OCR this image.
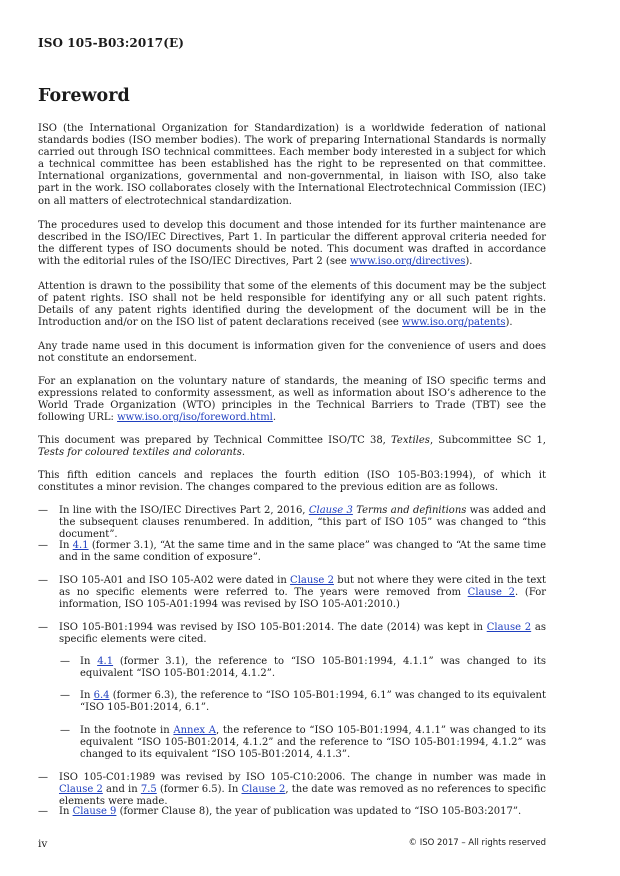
ISO 105-B03:2017(E)
Foreword
ISO (the International Organization for Standardization) is a worldwide federation of national standards bodies (ISO member bodies). The work of preparing International Standards is normally carried out through ISO technical committees. Each member body interested in a subject for which a technical committee has been established has the right to be represented on that committee. International organizations, governmental and non-governmental, in liaison with ISO, also take part in the work. ISO collaborates closely with the International Electrotechnical Commission (IEC) on all matters of electrotechnical standardization.
The procedures used to develop this document and those intended for its further maintenance are described in the ISO/IEC Directives, Part 1. In particular the different approval criteria needed for the different types of ISO documents should be noted. This document was drafted in accordance with the editorial rules of the ISO/IEC Directives, Part 2 (see www.iso.org/directives).
Attention is drawn to the possibility that some of the elements of this document may be the subject of patent rights. ISO shall not be held responsible for identifying any or all such patent rights. Details of any patent rights identified during the development of the document will be in the Introduction and/or on the ISO list of patent declarations received (see www.iso.org/patents).
Any trade name used in this document is information given for the convenience of users and does not constitute an endorsement.
For an explanation on the voluntary nature of standards, the meaning of ISO specific terms and expressions related to conformity assessment, as well as information about ISO’s adherence to the World Trade Organization (WTO) principles in the Technical Barriers to Trade (TBT) see the following URL: www.iso.org/iso/foreword.html.
This document was prepared by Technical Committee ISO/TC 38, Textiles, Subcommittee SC 1, Tests for coloured textiles and colorants.
This fifth edition cancels and replaces the fourth edition (ISO 105-B03:1994), of which it constitutes a minor revision. The changes compared to the previous edition are as follows.
— In line with the ISO/IEC Directives Part 2, 2016, Clause 3 Terms and definitions was added and the subsequent clauses renumbered. In addition, “this part of ISO 105” was changed to “this document”.
— In 4.1 (former 3.1), “At the same time and in the same place” was changed to “At the same time and in the same condition of exposure”.
— ISO 105-A01 and ISO 105-A02 were dated in Clause 2 but not where they were cited in the text as no specific elements were referred to. The years were removed from Clause 2. (For information, ISO 105-A01:1994 was revised by ISO 105-A01:2010.)
— ISO 105-B01:1994 was revised by ISO 105-B01:2014. The date (2014) was kept in Clause 2 as specific elements were cited.
— In 4.1 (former 3.1), the reference to “ISO 105-B01:1994, 4.1.1” was changed to its equivalent “ISO 105-B01:2014, 4.1.2”.
— In 6.4 (former 6.3), the reference to “ISO 105-B01:1994, 6.1” was changed to its equivalent “ISO 105-B01:2014, 6.1”.
— In the footnote in Annex A, the reference to “ISO 105-B01:1994, 4.1.1” was changed to its equivalent “ISO 105-B01:2014, 4.1.2” and the reference to “ISO 105-B01:1994, 4.1.2” was changed to its equivalent “ISO 105-B01:2014, 4.1.3”.
— ISO 105-C01:1989 was revised by ISO 105-C10:2006. The change in number was made in Clause 2 and in 7.5 (former 6.5). In Clause 2, the date was removed as no references to specific elements were made.
— In Clause 9 (former Clause 8), the year of publication was updated to “ISO 105-B03:2017”.
iv	© ISO 2017 – All rights reserved
